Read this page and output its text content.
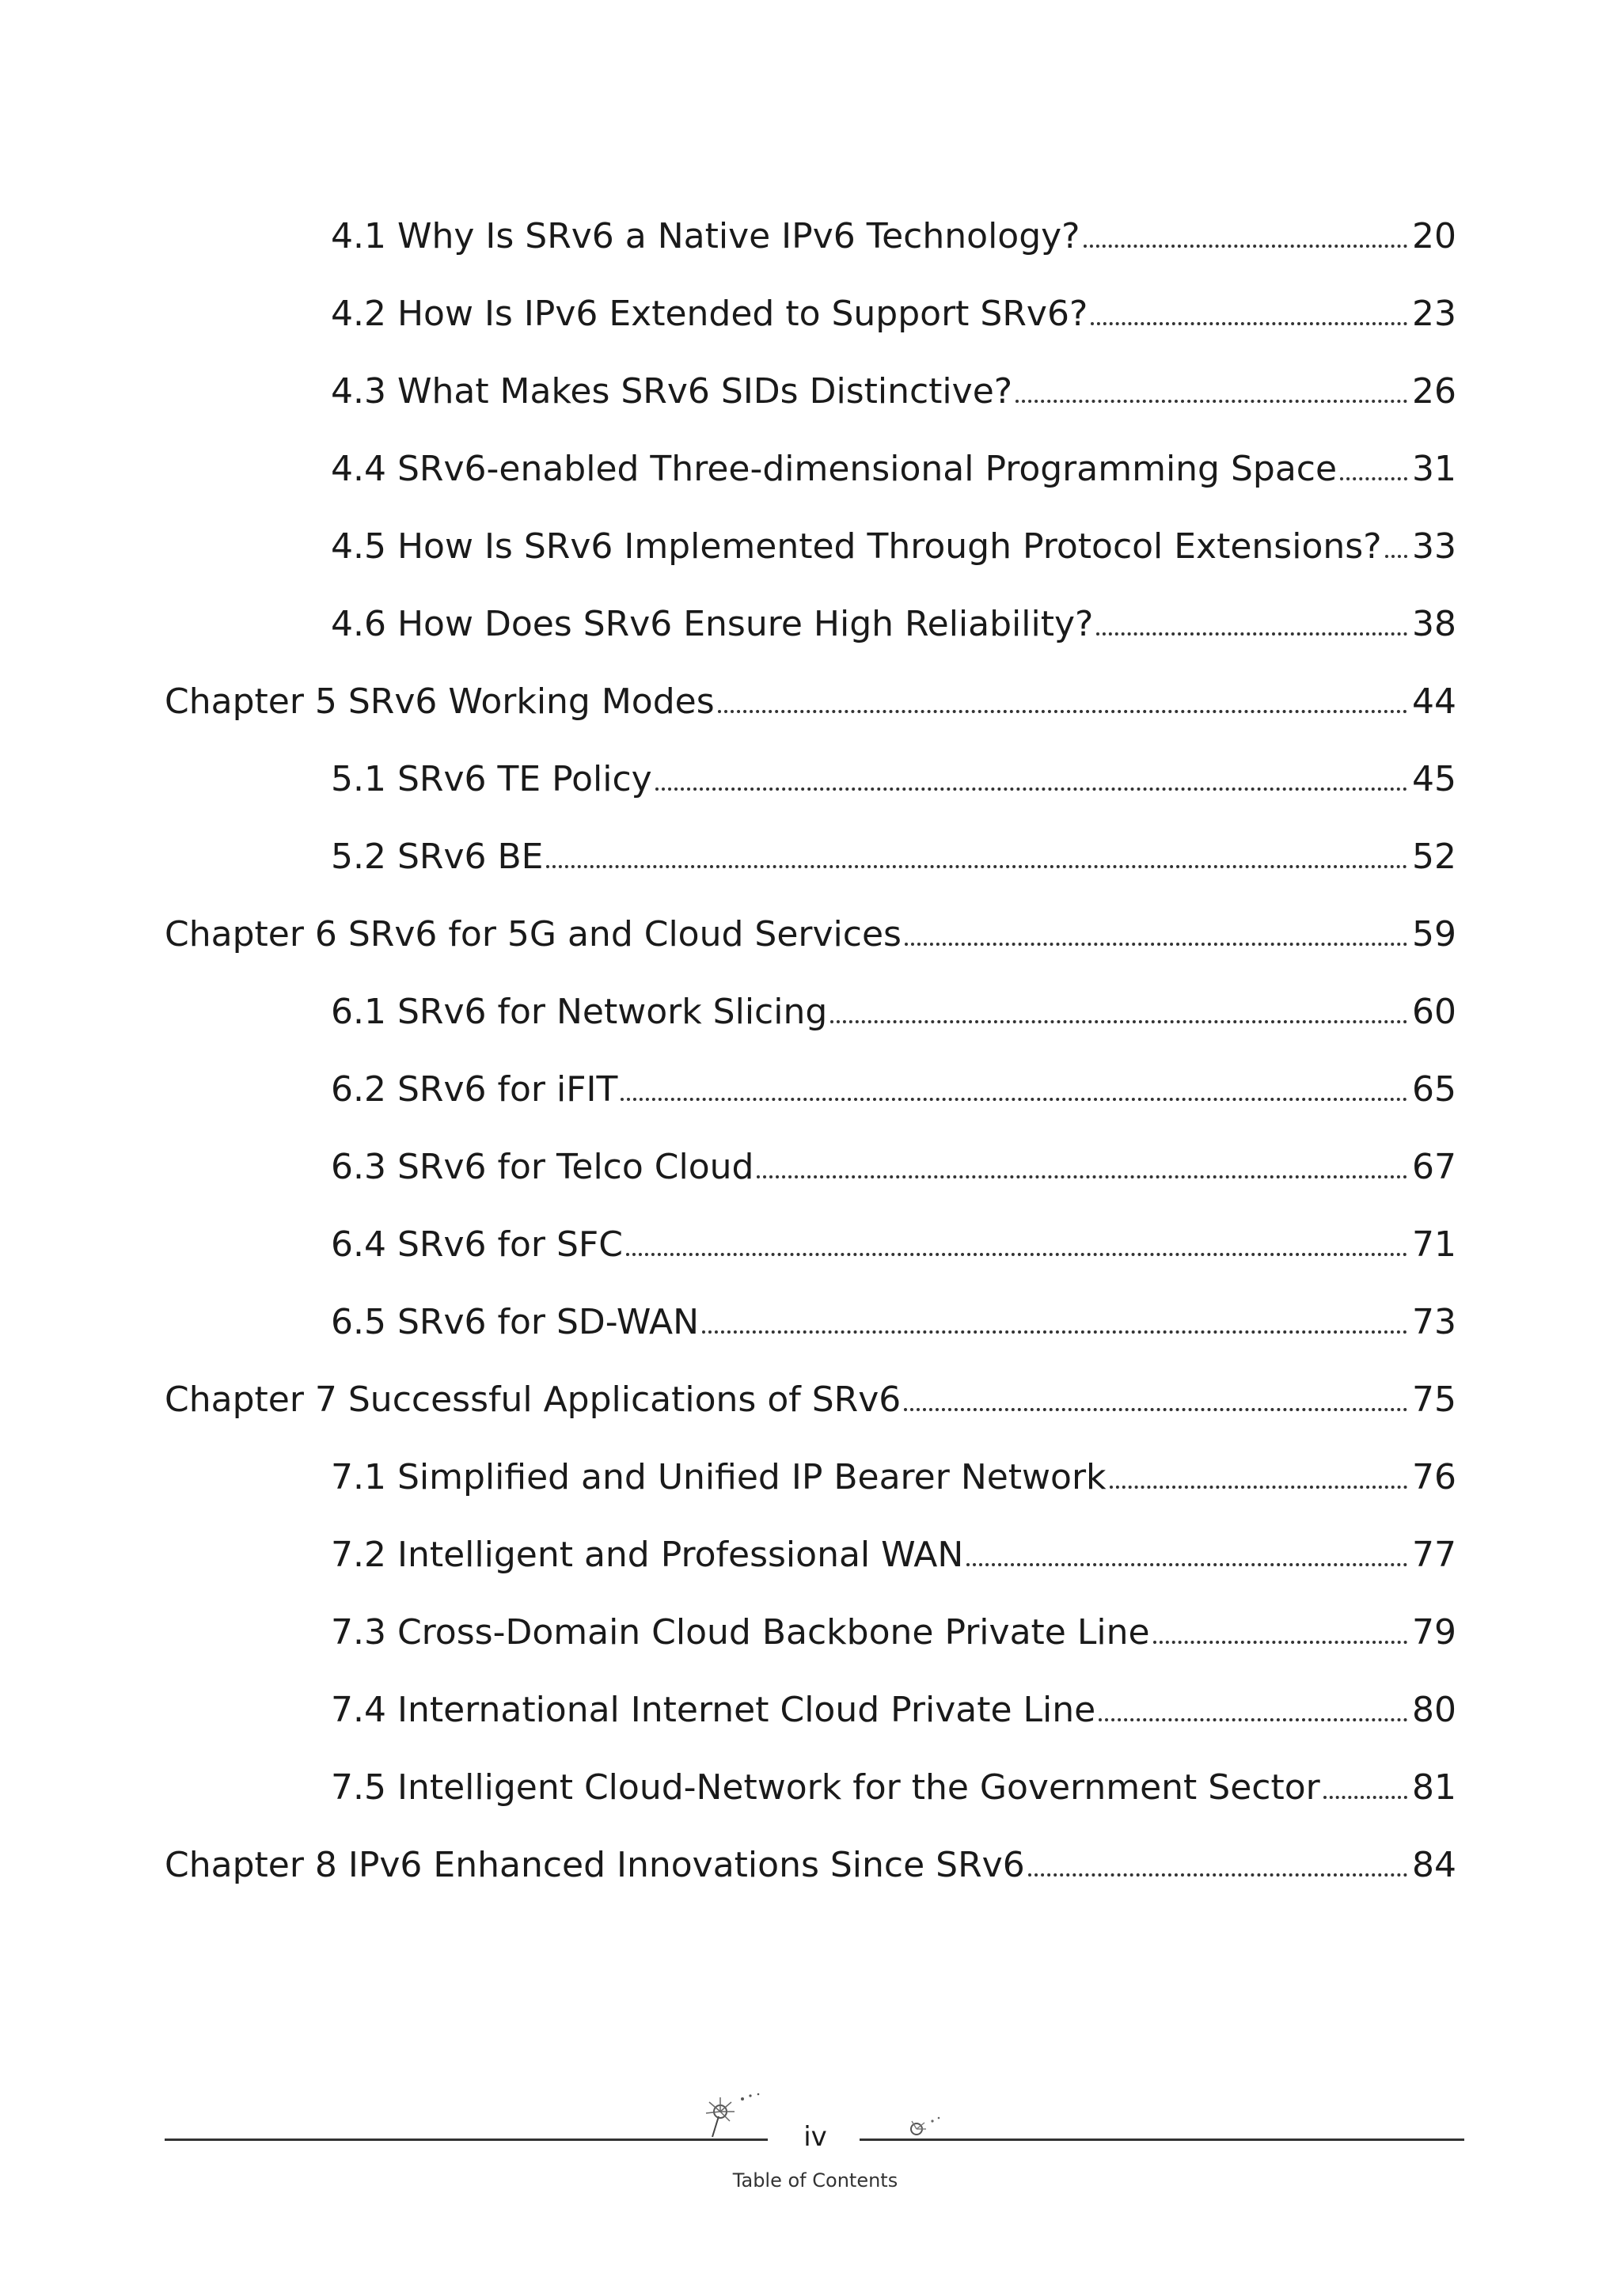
4.1 Why Is SRv6 a Native IPv6 Technology?	20
4.2 How Is IPv6 Extended to Support SRv6?	23
4.3 What Makes SRv6 SIDs Distinctive?	26
4.4 SRv6-enabled Three-dimensional Programming Space 31
4.5 How Is SRv6 Implemented Through Protocol Extensions? 33
4.6 How Does SRv6 Ensure High Reliability?	38
Chapter 5 SRv6 Working Modes	44
5.1 SRv6 TE Policy	45
5.2 SRv6 BE	52
Chapter 6 SRv6 for 5G and Cloud Services	59
6.1 SRv6 for Network Slicing	60
6.2 SRv6 for iFIT	65
6.3 SRv6 for Telco Cloud	67
6.4 SRv6 for SFC	71
6.5 SRv6 for SD-WAN	73
Chapter 7 Successful Applications of SRv6	75
7.1 Simplified and Unified IP Bearer Network	76
7.2 Intelligent and Professional WAN	77
7.3 Cross-Domain Cloud Backbone Private Line	79
7.4 International Internet Cloud Private Line	80
7.5 Intelligent Cloud-Network for the Government Sector	81
Chapter 8 IPv6 Enhanced Innovations Since SRv6	84
iv
Table of Contents
